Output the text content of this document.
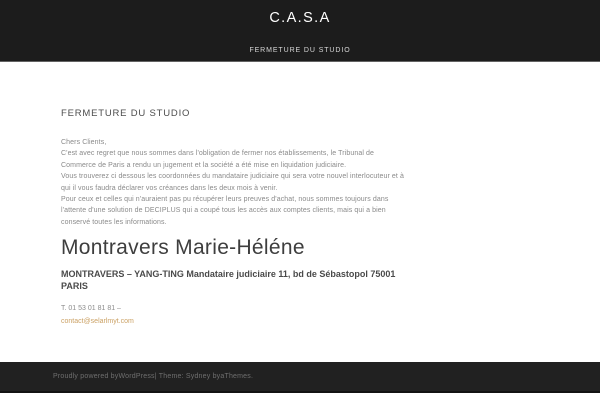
C.A.S.A
FERMETURE DU STUDIO
FERMETURE DU STUDIO

Chers Clients,

C'est avec regret que nous sommes dans l'obligation de fermer nos établissements, le Tribunal de Commerce de Paris a rendu un jugement et la société a été mise en liquidation judiciaire.

Vous trouverez ci dessous les coordonnées du mandataire judiciaire qui sera votre nouvel interlocuteur et à qui il vous faudra déclarer vos créances dans les deux mois à venir.

Pour ceux et celles qui n'auraient pas pu récupérer leurs preuves d'achat, nous sommes toujours dans l'attente d'une solution de DECIPLUS qui a coupé tous les accès aux comptes clients, mais qui a bien conservé toutes les informations.

Montravers Marie-Héléne

MONTRAVERS – YANG-TING Mandataire judiciaire 11, bd de Sébastopol 75001 PARIS

T. 01 53 01 81 81 –

contact@selarlmyt.com

Proudly powered by WordPress | Theme: Sydney by aThemes .
